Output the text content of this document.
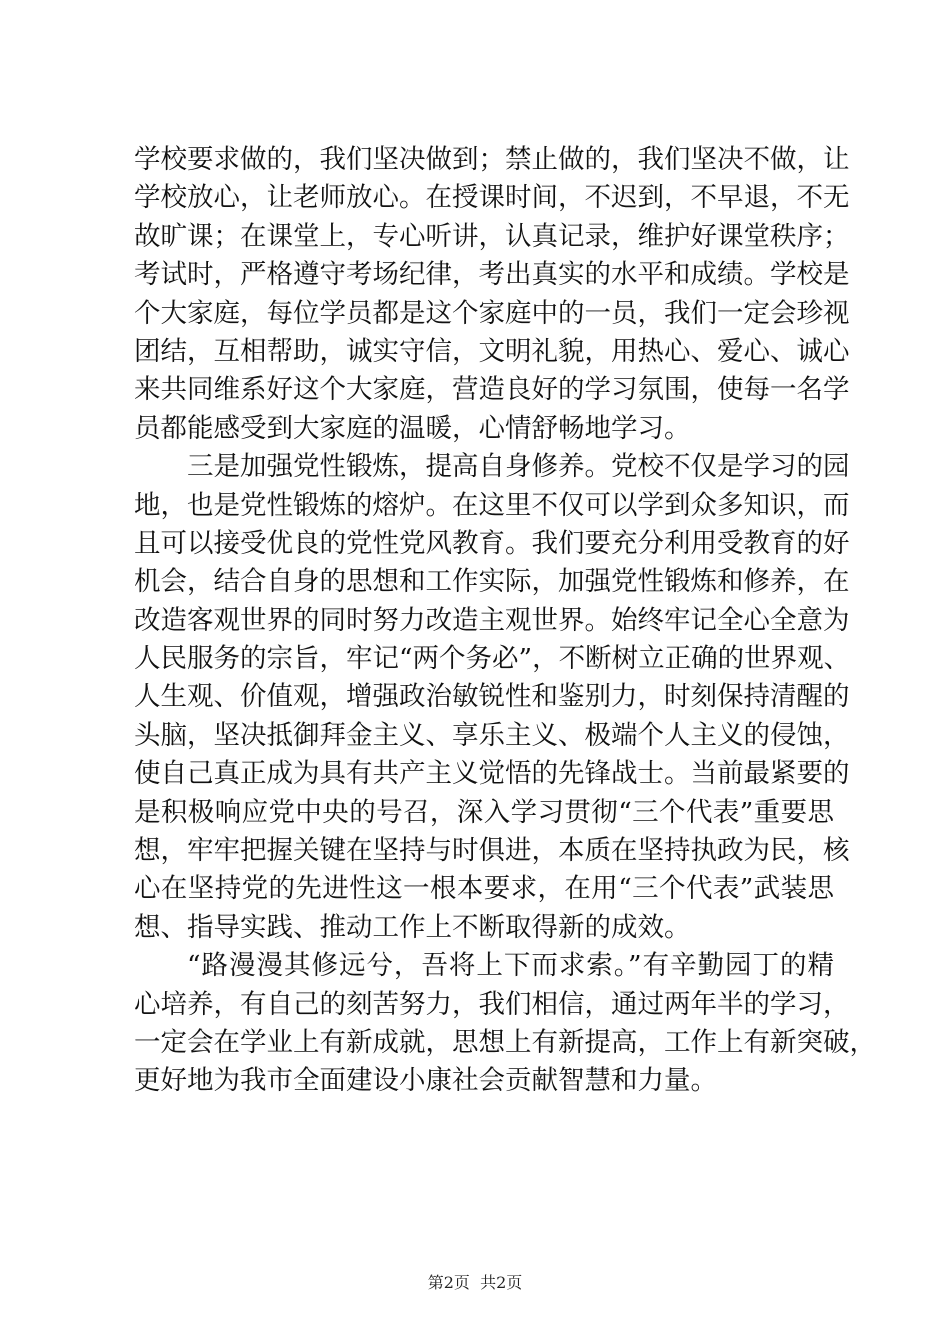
学校要求做的，我们坚决做到；禁止做的，我们坚决不做，让
学校放心，让老师放心。在授课时间，不迟到，不早退，不无
故旷课；在课堂上，专心听讲，认真记录，维护好课堂秩序；
考试时，严格遵守考场纪律，考出真实的水平和成绩。学校是
个大家庭，每位学员都是这个家庭中的一员，我们一定会珍视
团结，互相帮助，诚实守信，文明礼貌，用热心、爱心、诚心
来共同维系好这个大家庭，营造良好的学习氛围，使每一名学
员都能感受到大家庭的温暖，心情舒畅地学习。
三是加强党性锻炼，提高自身修养。党校不仅是学习的园
地，也是党性锻炼的熔炉。在这里不仅可以学到众多知识，而
且可以接受优良的党性党风教育。我们要充分利用受教育的好
机会，结合自身的思想和工作实际，加强党性锻炼和修养，在
改造客观世界的同时努力改造主观世界。始终牢记全心全意为
人民服务的宗旨，牢记“两个务必”，不断树立正确的世界观、
人生观、价值观，增强政治敏锐性和鉴别力，时刻保持清醒的
头脑，坚决抵御拜金主义、享乐主义、极端个人主义的侵蚀，
使自己真正成为具有共产主义觉悟的先锋战士。当前最紧要的
是积极响应党中央的号召，深入学习贯彻“三个代表”重要思
想，牢牢把握关键在坚持与时俱进，本质在坚持执政为民，核
心在坚持党的先进性这一根本要求，在用“三个代表”武装思
想、指导实践、推动工作上不断取得新的成效。
“路漫漫其修远兮，吾将上下而求索。”有辛勤园丁的精
心培养，有自己的刻苦努力，我们相信，通过两年半的学习，
一定会在学业上有新成就，思想上有新提高，工作上有新突破，
更好地为我市全面建设小康社会贡献智慧和力量。
第2页  共2页
